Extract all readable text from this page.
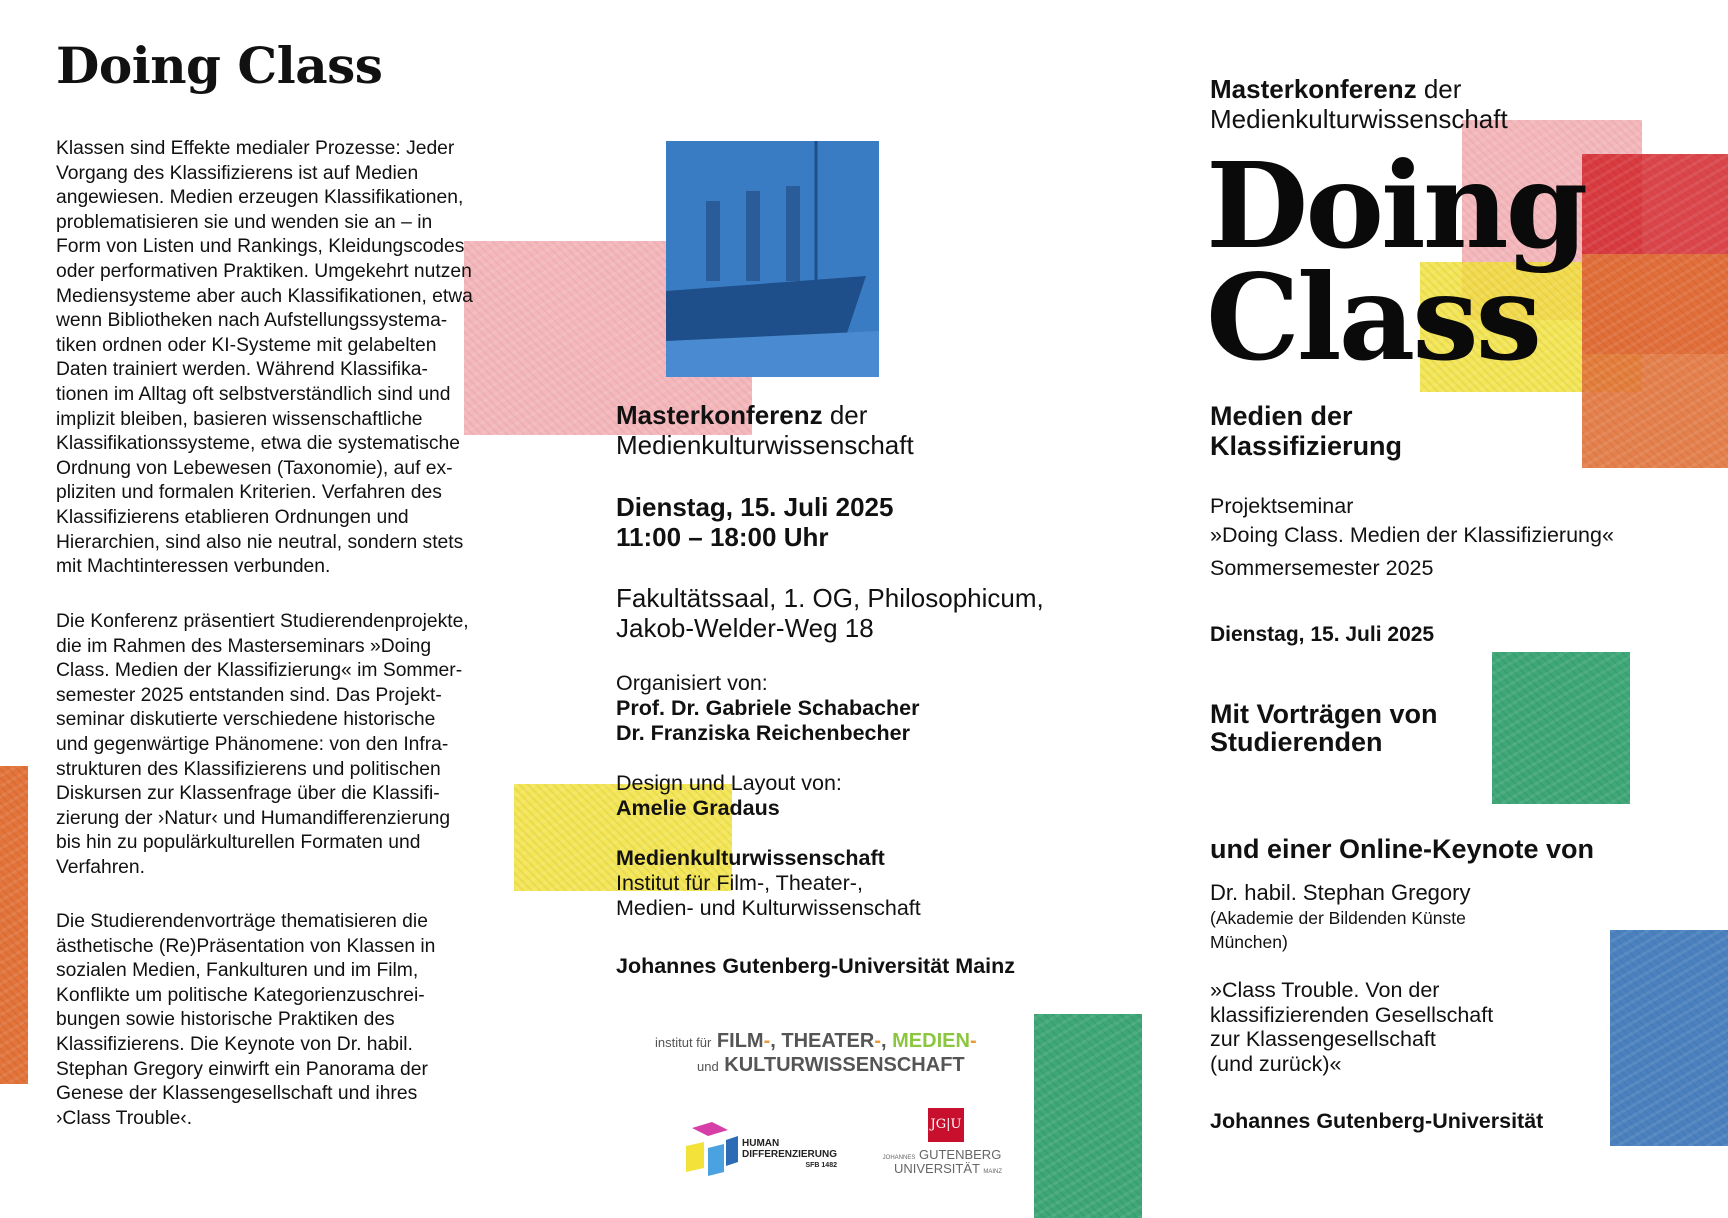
Doing Class
Klassen sind Effekte medialer Prozesse: Jeder
Vorgang des Klassifizierens ist auf Medien
angewiesen. Medien erzeugen Klassifikationen,
problematisieren sie und wenden sie an – in
Form von Listen und Rankings, Kleidungscodes
oder performativen Praktiken. Umgekehrt nutzen
Mediensysteme aber auch Klassifikationen, etwa
wenn Bibliotheken nach Aufstellungssystema-
tiken ordnen oder KI-Systeme mit gelabelten
Daten trainiert werden. Während Klassifika-
tionen im Alltag oft selbstverständlich sind und
implizit bleiben, basieren wissenschaftliche
Klassifikationssysteme, etwa die systematische
Ordnung von Lebewesen (Taxonomie), auf ex-
pliziten und formalen Kriterien. Verfahren des
Klassifizierens etablieren Ordnungen und
Hierarchien, sind also nie neutral, sondern stets
mit Machtinteressen verbunden.
Die Konferenz präsentiert Studierendenprojekte,
die im Rahmen des Masterseminars »Doing
Class. Medien der Klassifizierung« im Sommer-
semester 2025 entstanden sind. Das Projekt-
seminar diskutierte verschiedene historische
und gegenwärtige Phänomene: von den Infra-
strukturen des Klassifizierens und politischen
Diskursen zur Klassenfrage über die Klassifi-
zierung der ›Natur‹ und Humandifferenzierung
bis hin zu populärkulturellen Formaten und
Verfahren.
Die Studierendenvorträge thematisieren die
ästhetische (Re)Präsentation von Klassen in
sozialen Medien, Fankulturen und im Film,
Konflikte um politische Kategorienzuschrei-
bungen sowie historische Praktiken des
Klassifizierens. Die Keynote von Dr. habil.
Stephan Gregory einwirft ein Panorama der
Genese der Klassengesellschaft und ihres
›Class Trouble‹.
Masterkonferenz der
Medienkulturwissenschaft
Dienstag, 15. Juli 2025
11:00 – 18:00 Uhr
Fakultätssaal, 1. OG, Philosophicum,
Jakob-Welder-Weg 18
Organisiert von:
Prof. Dr. Gabriele Schabacher
Dr. Franziska Reichenbecher
Design und Layout von:
Amelie Gradaus
Medienkulturwissenschaft
Institut für Film-, Theater-,
Medien- und Kulturwissenschaft
Johannes Gutenberg-Universität Mainz
institut für FILM-, THEATER-, MEDIEN-
und KULTURWISSENSCHAFT
HUMAN
DIFFERENZIERUNG
SFB 1482
JG|U
JOHANNES GUTENBERG
UNIVERSITÄT MAINZ
Masterkonferenz der
Medienkulturwissenschaft
Doing
Class
Medien der
Klassifizierung
Projektseminar
»Doing Class. Medien der Klassifizierung«
Sommersemester 2025
Dienstag, 15. Juli 2025
Mit Vorträgen von
Studierenden
und einer Online-Keynote von
Dr. habil. Stephan Gregory
(Akademie der Bildenden Künste
München)
»Class Trouble. Von der
klassifizierenden Gesellschaft
zur Klassengesellschaft
(und zurück)«
Johannes Gutenberg-Universität
